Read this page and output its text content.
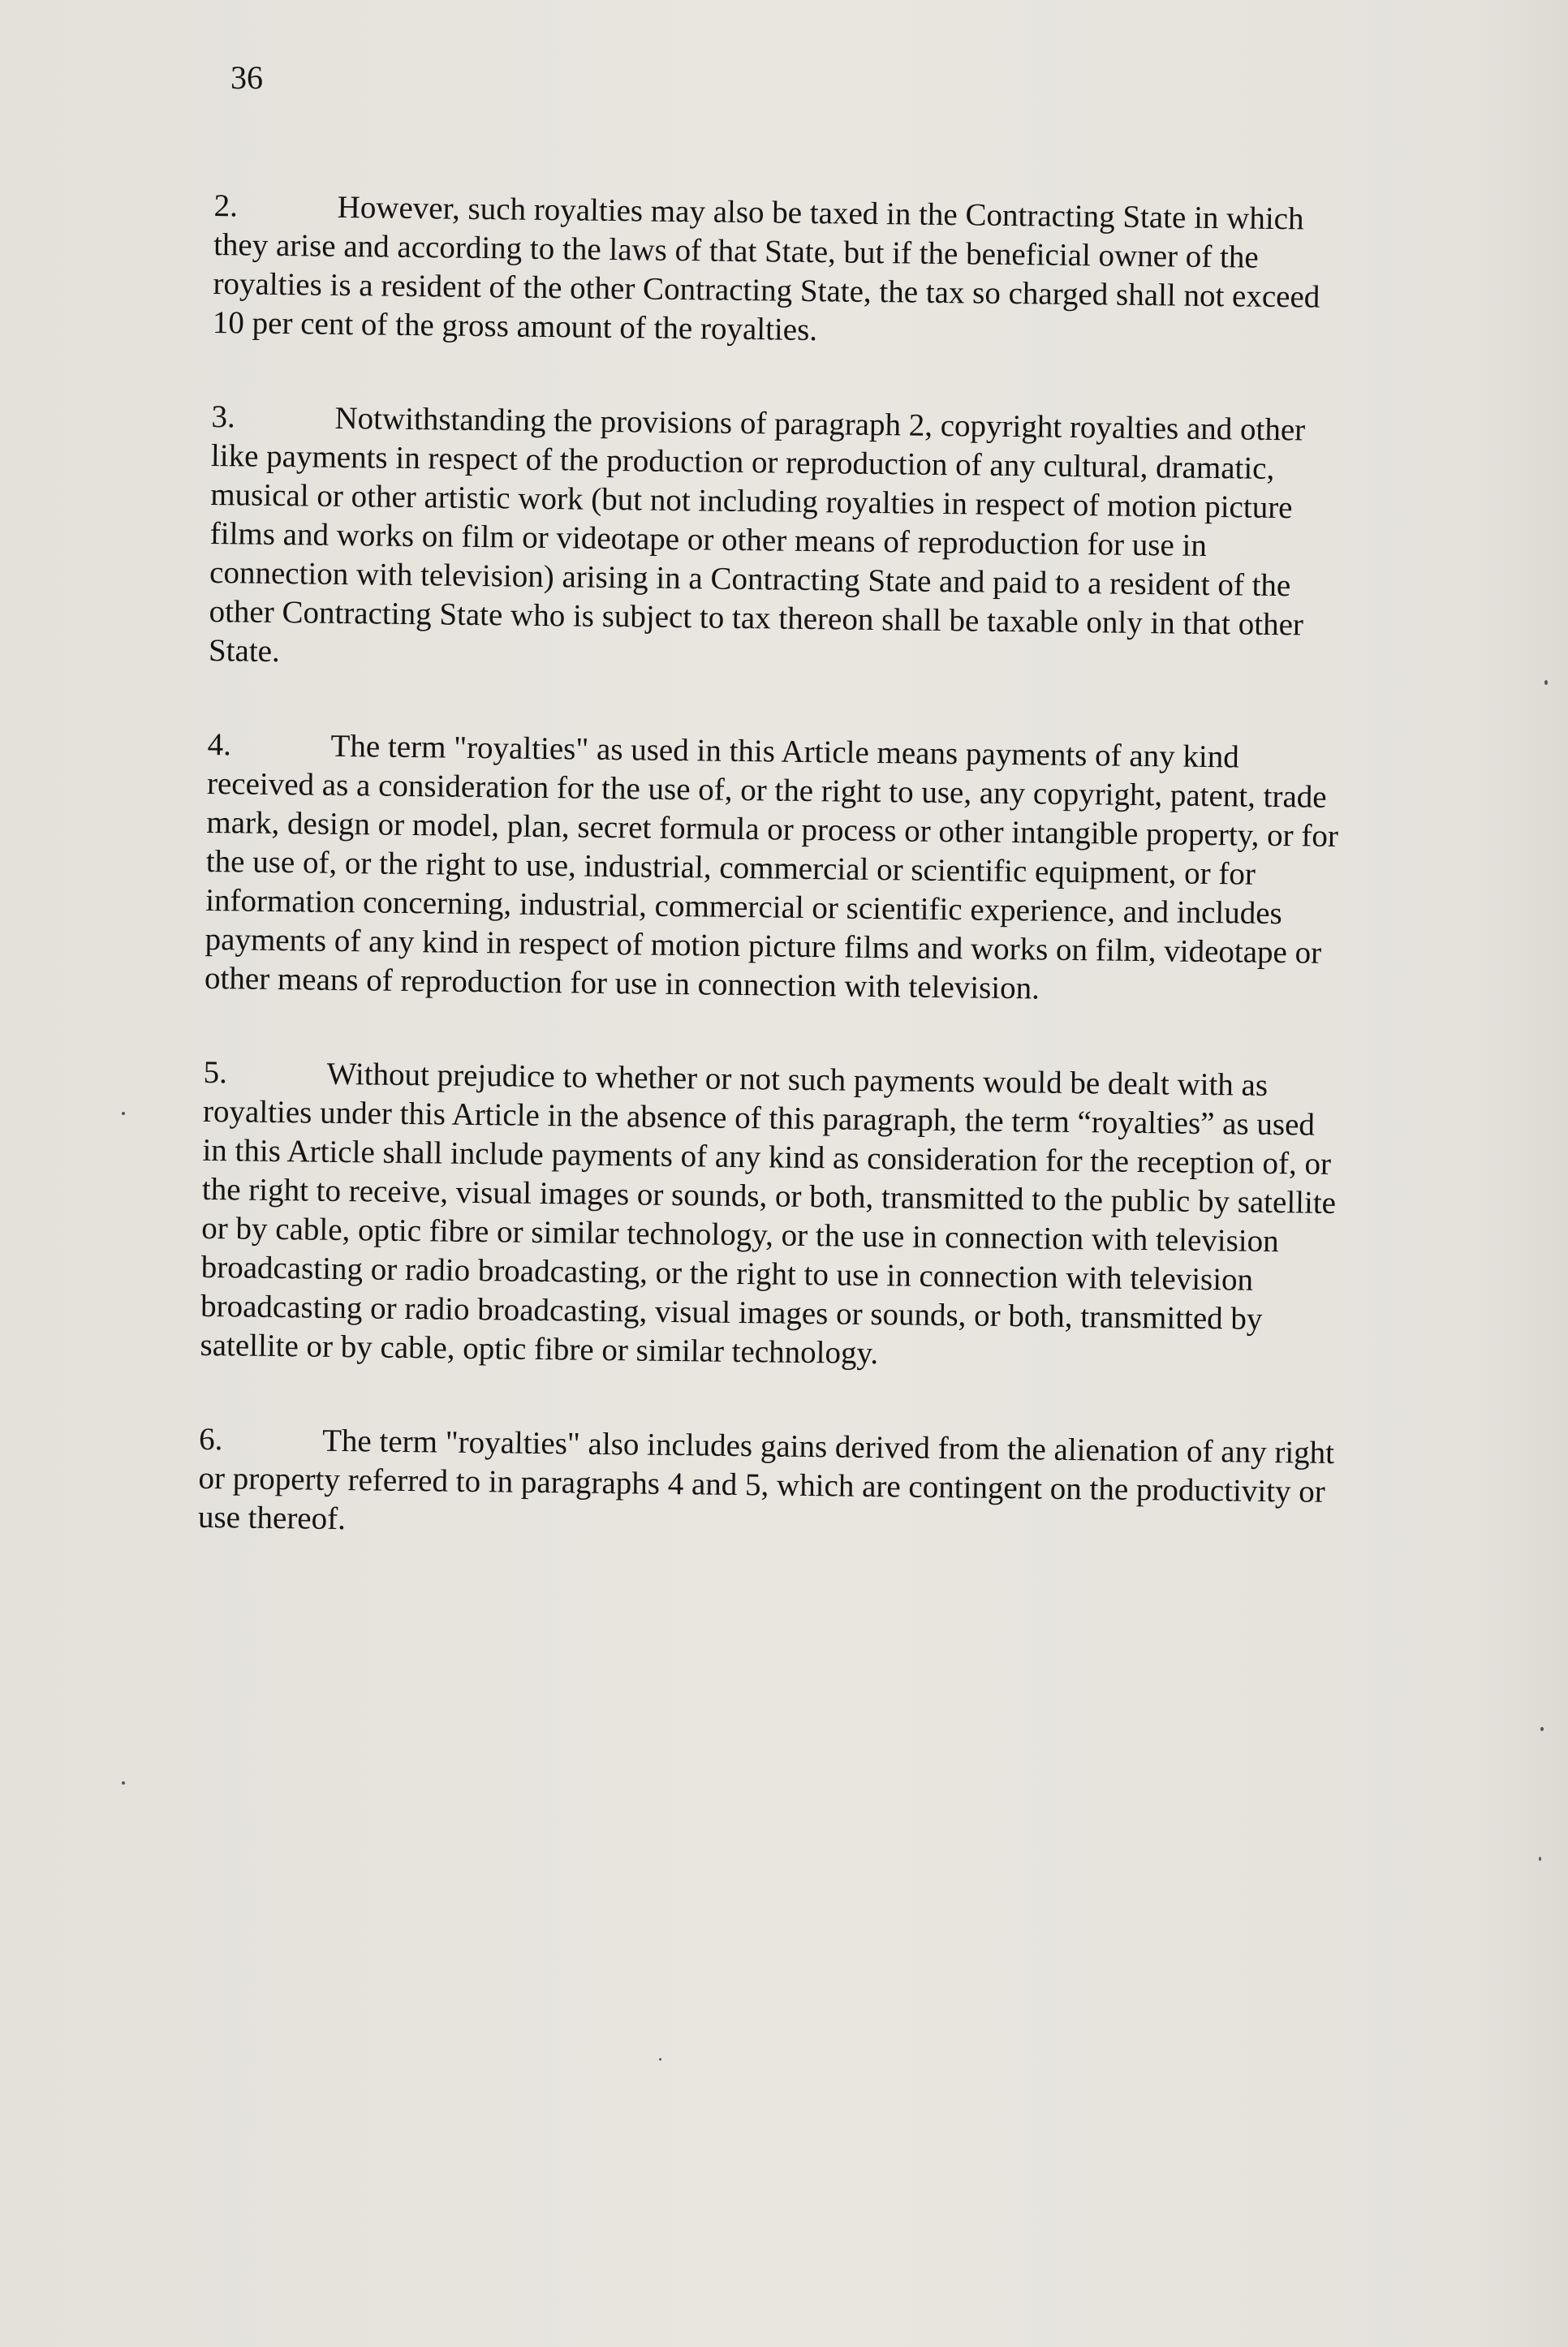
36

2.	However, such royalties may also be taxed in the Contracting State in which they arise and according to the laws of that State, but if the beneficial owner of the royalties is a resident of the other Contracting State, the tax so charged shall not exceed 10 per cent of the gross amount of the royalties.

3.	Notwithstanding the provisions of paragraph 2, copyright royalties and other like payments in respect of the production or reproduction of any cultural, dramatic, musical or other artistic work (but not including royalties in respect of motion picture films and works on film or videotape or other means of reproduction for use in connection with television) arising in a Contracting State and paid to a resident of the other Contracting State who is subject to tax thereon shall be taxable only in that other State.

4.	The term "royalties" as used in this Article means payments of any kind received as a consideration for the use of, or the right to use, any copyright, patent, trade mark, design or model, plan, secret formula or process or other intangible property, or for the use of, or the right to use, industrial, commercial or scientific equipment, or for information concerning, industrial, commercial or scientific experience, and includes payments of any kind in respect of motion picture films and works on film, videotape or other means of reproduction for use in connection with television.

5.	Without prejudice to whether or not such payments would be dealt with as royalties under this Article in the absence of this paragraph, the term “royalties” as used in this Article shall include payments of any kind as consideration for the reception of, or the right to receive, visual images or sounds, or both, transmitted to the public by satellite or by cable, optic fibre or similar technology, or the use in connection with television broadcasting or radio broadcasting, or the right to use in connection with television broadcasting or radio broadcasting, visual images or sounds, or both, transmitted by satellite or by cable, optic fibre or similar technology.

6.	The term "royalties" also includes gains derived from the alienation of any right or property referred to in paragraphs 4 and 5, which are contingent on the productivity or use thereof.
